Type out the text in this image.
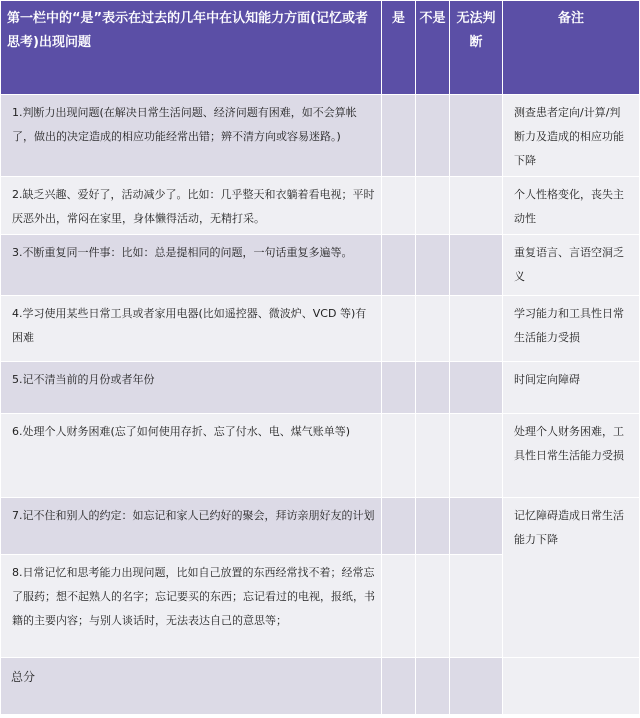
第一栏中的“是”表示在过去的几年中在认知能力方面(记忆或者思考)出现问题	是	不是	无法判断	备注
1.判断力出现问题(在解决日常生活问题、经济问题有困难，如不会算帐了，做出的决定造成的相应功能经常出错；辨不清方向或容易迷路。)				测查患者定向/计算/判断力及造成的相应功能下降
2.缺乏兴趣、爱好了，活动减少了。比如：几乎整天和衣躺着看电视；平时厌恶外出，常闷在家里，身体懒得活动，无精打采。				个人性格变化，丧失主动性
3.不断重复同一件事：比如：总是提相同的问题，一句话重复多遍等。				重复语言、言语空洞乏义
4.学习使用某些日常工具或者家用电器(比如遥控器、微波炉、VCD 等)有困难				学习能力和工具性日常生活能力受损
5.记不清当前的月份或者年份				时间定向障碍
6.处理个人财务困难(忘了如何使用存折、忘了付水、电、煤气账单等)				处理个人财务困难，工具性日常生活能力受损
7.记不住和别人的约定：如忘记和家人已约好的聚会，拜访亲朋好友的计划				记忆障碍造成日常生活能力下降
8.日常记忆和思考能力出现问题，比如自己放置的东西经常找不着；经常忘了服药；想不起熟人的名字；忘记要买的东西；忘记看过的电视，报纸，书籍的主要内容；与别人谈话时，无法表达自己的意思等；				
总分				
